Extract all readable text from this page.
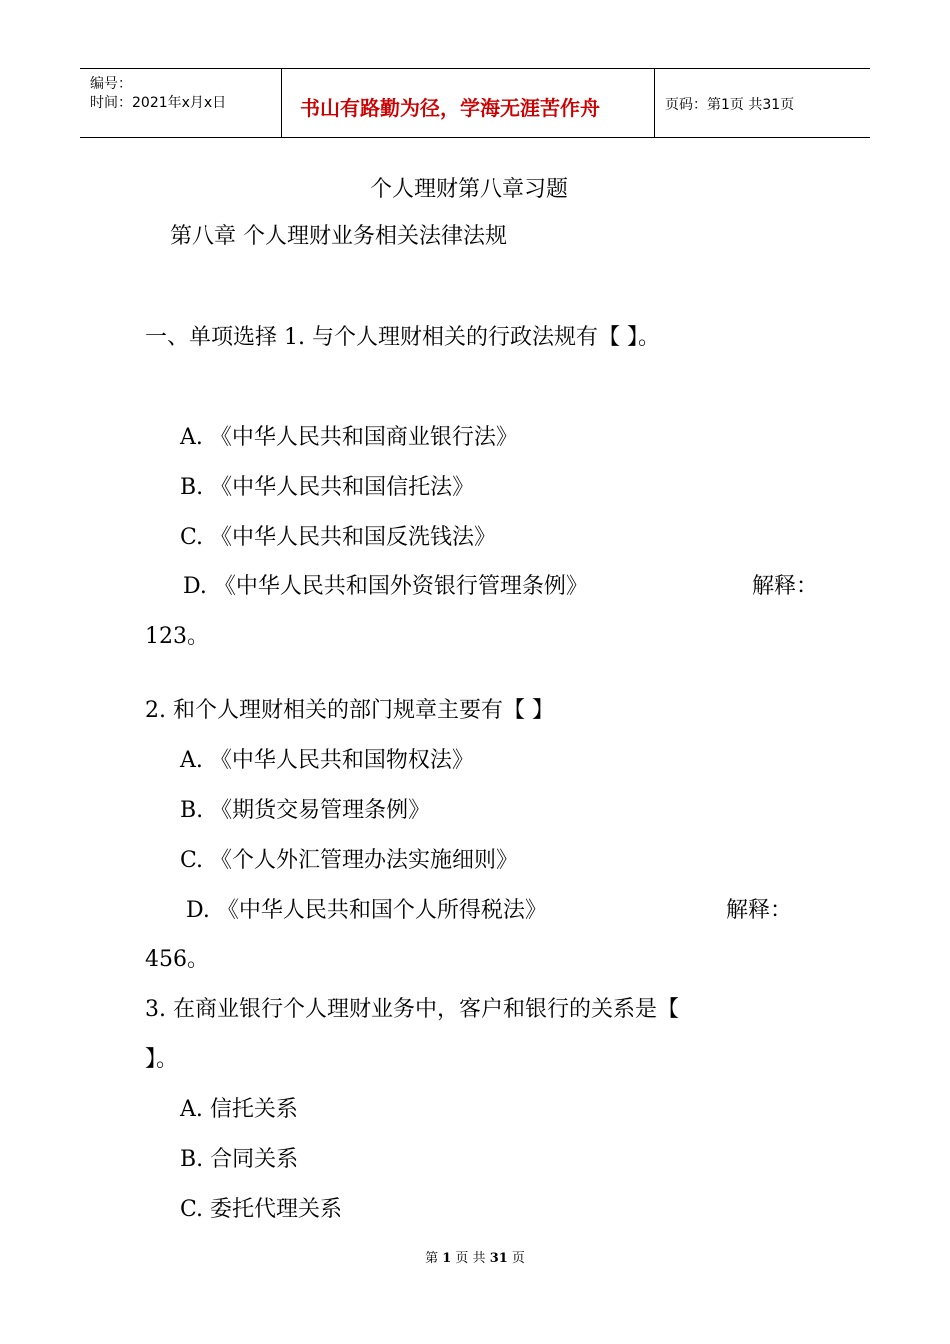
编号：
时间：2021年x月x日	书山有路勤为径，学海无涯苦作舟	页码：第1页 共31页
个人理财第八章习题
第八章 个人理财业务相关法律法规
一、单项选择 1. 与个人理财相关的行政法规有【 】。
A. 《中华人民共和国商业银行法》
B. 《中华人民共和国信托法》
C. 《中华人民共和国反洗钱法》
D. 《中华人民共和国外资银行管理条例》	解释：
123。
2. 和个人理财相关的部门规章主要有【 】
A. 《中华人民共和国物权法》
B. 《期货交易管理条例》
C. 《个人外汇管理办法实施细则》
D. 《中华人民共和国个人所得税法》	解释：
456。
3. 在商业银行个人理财业务中，客户和银行的关系是【
】。
A. 信托关系
B. 合同关系
C. 委托代理关系
第 1 页 共 31 页
